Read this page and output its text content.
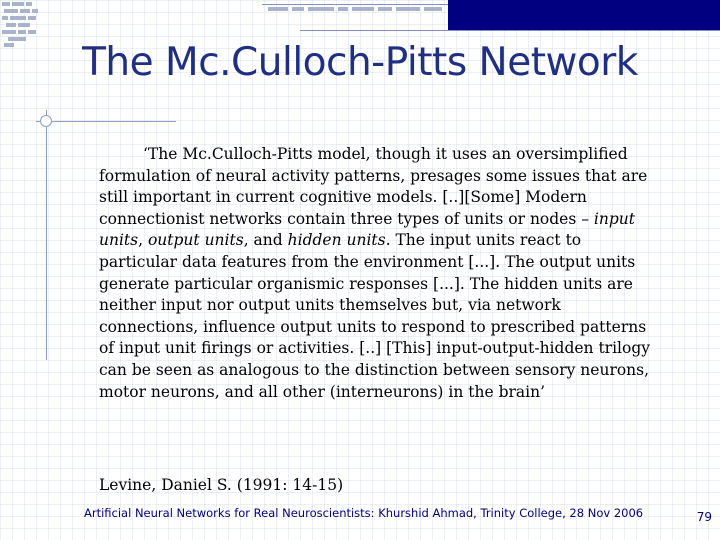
The Mc.Culloch-Pitts Network

‘The Mc.Culloch-Pitts model, though it uses an oversimplified formulation of neural activity patterns, presages some issues that are still important in current cognitive models. [..][Some] Modern connectionist networks contain three types of units or nodes – input units, output units, and hidden units. The input units react to particular data features from the environment [...]. The output units generate particular organismic responses [...]. The hidden units are neither input nor output units themselves but, via network connections, influence output units to respond to prescribed patterns of input unit firings or activities. [..] [This] input-output-hidden trilogy can be seen as analogous to the distinction between sensory neurons, motor neurons, and all other (interneurons) in the brain’

Levine, Daniel S. (1991: 14-15)

Artificial Neural Networks for Real Neuroscientists: Khurshid Ahmad, Trinity College, 28 Nov 2006	79
